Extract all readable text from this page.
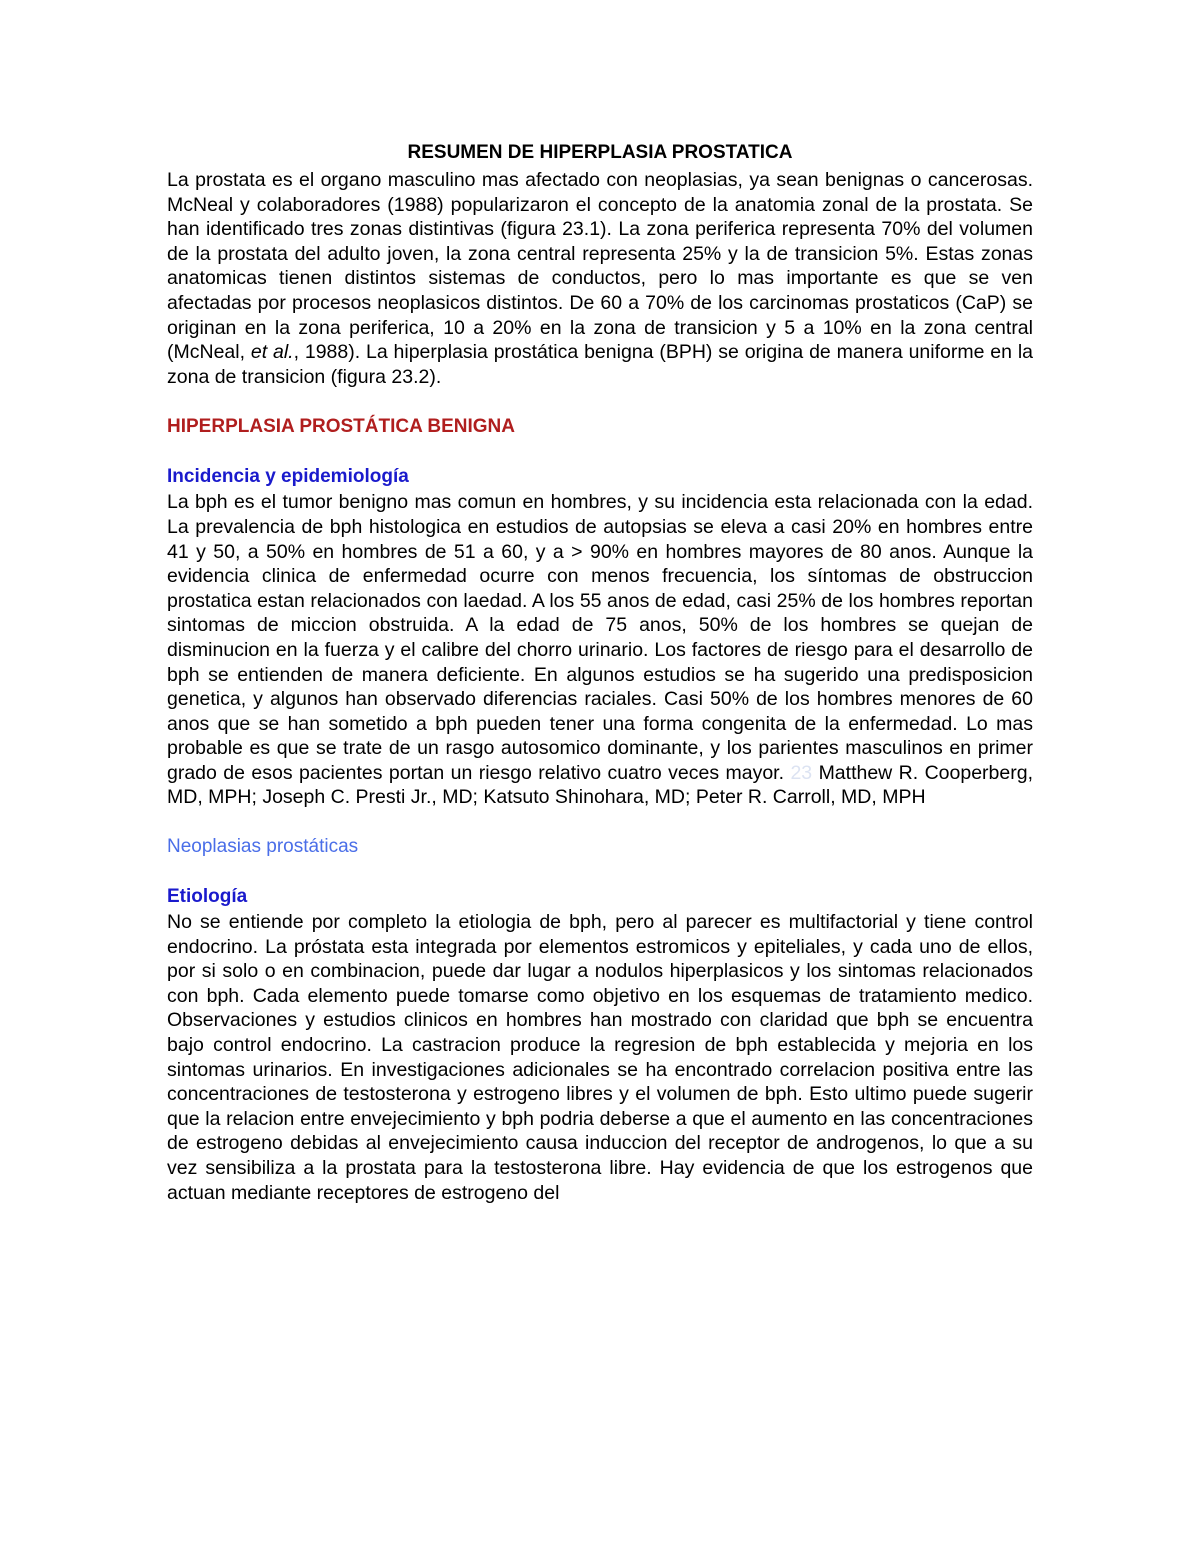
RESUMEN DE HIPERPLASIA PROSTATICA

La prostata es el organo masculino mas afectado con neoplasias, ya sean benignas o cancerosas. McNeal y colaboradores (1988) popularizaron el concepto de la anatomia zonal de la prostata. Se han identificado tres zonas distintivas (figura 23.1). La zona periferica representa 70% del volumen de la prostata del adulto joven, la zona central representa 25% y la de transicion 5%. Estas zonas anatomicas tienen distintos sistemas de conductos, pero lo mas importante es que se ven afectadas por procesos neoplasicos distintos. De 60 a 70% de los carcinomas prostaticos (CaP) se originan en la zona periferica, 10 a 20% en la zona de transicion y 5 a 10% en la zona central (McNeal, et al., 1988). La hiperplasia prostática benigna (BPH) se origina de manera uniforme en la zona de transicion (figura 23.2).

HIPERPLASIA PROSTÁTICA BENIGNA
Incidencia y epidemiología

La bph es el tumor benigno mas comun en hombres, y su incidencia esta relacionada con la edad. La prevalencia de bph histologica en estudios de autopsias se eleva a casi 20% en hombres entre 41 y 50, a 50% en hombres de 51 a 60, y a > 90% en hombres mayores de 80 anos. Aunque la evidencia clinica de enfermedad ocurre con menos frecuencia, los síntomas de obstruccion prostatica estan relacionados con laedad. A los 55 anos de edad, casi 25% de los hombres reportan sintomas de miccion obstruida. A la edad de 75 anos, 50% de los hombres se quejan de disminucion en la fuerza y el calibre del chorro urinario. Los factores de riesgo para el desarrollo de bph se entienden de manera deficiente. En algunos estudios se ha sugerido una predisposicion genetica, y algunos han observado diferencias raciales. Casi 50% de los hombres menores de 60 anos que se han sometido a bph pueden tener una forma congenita de la enfermedad. Lo mas probable es que se trate de un rasgo autosomico dominante, y los parientes masculinos en primer grado de esos pacientes portan un riesgo relativo cuatro veces mayor. 23 Matthew R. Cooperberg, MD, MPH; Joseph C. Presti Jr., MD; Katsuto Shinohara, MD; Peter R. Carroll, MD, MPH

Neoplasias prostáticas
Etiología

No se entiende por completo la etiologia de bph, pero al parecer es multifactorial y tiene control endocrino. La próstata esta integrada por elementos estromicos y epiteliales, y cada uno de ellos, por si solo o en combinacion, puede dar lugar a nodulos hiperplasicos y los sintomas relacionados con bph. Cada elemento puede tomarse como objetivo en los esquemas de tratamiento medico. Observaciones y estudios clinicos en hombres han mostrado con claridad que bph se encuentra bajo control endocrino. La castracion produce la regresion de bph establecida y mejoria en los sintomas urinarios. En investigaciones adicionales se ha encontrado correlacion positiva entre las concentraciones de testosterona y estrogeno libres y el volumen de bph. Esto ultimo puede sugerir que la relacion entre envejecimiento y bph podria deberse a que el aumento en las concentraciones de estrogeno debidas al envejecimiento causa induccion del receptor de androgenos, lo que a su vez sensibiliza a la prostata para la testosterona libre. Hay evidencia de que los estrogenos que actuan mediante receptores de estrogeno del
